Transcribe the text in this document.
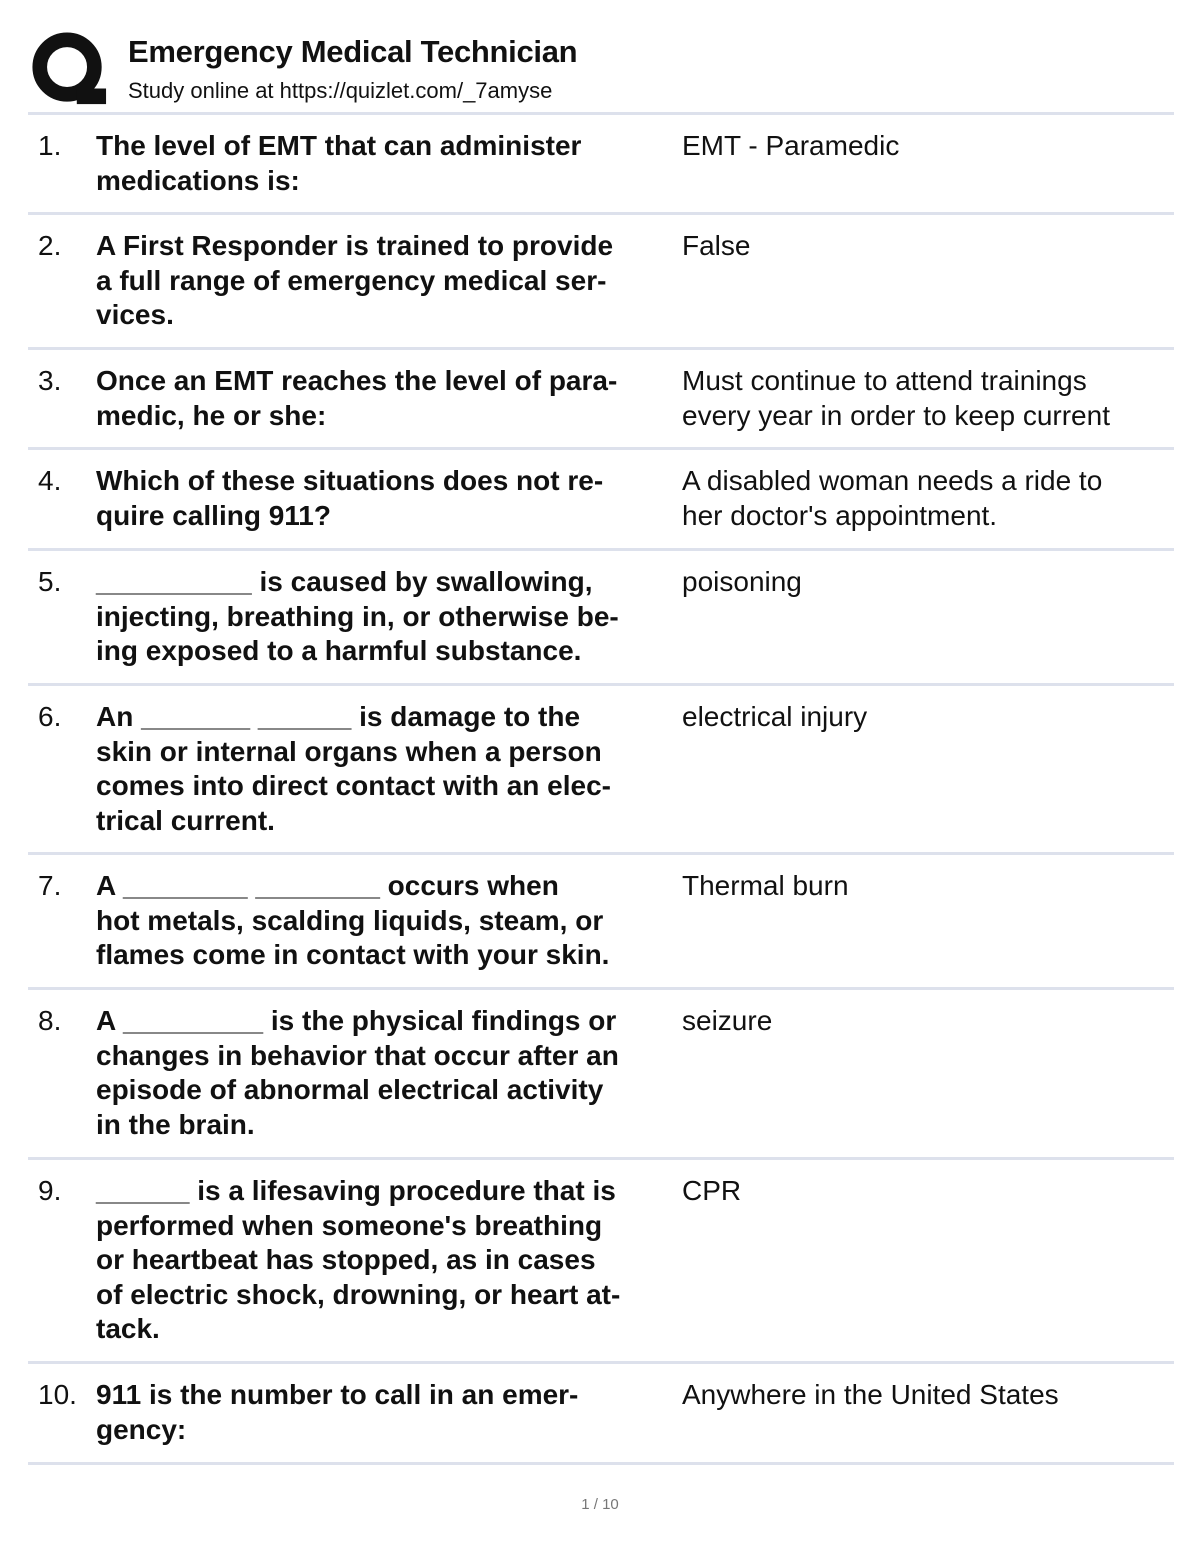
Emergency Medical Technician
Study online at https://quizlet.com/_7amyse
1. The level of EMT that can administer
medications is:
EMT - Paramedic
2. A First Responder is trained to provide
a full range of emergency medical ser-
vices.
False
3. Once an EMT reaches the level of para-
medic, he or she:
Must continue to attend trainings
every year in order to keep current
4. Which of these situations does not re-
quire calling 911?
A disabled woman needs a ride to
her doctor's appointment.
5. __________ is caused by swallowing,
injecting, breathing in, or otherwise be-
ing exposed to a harmful substance.
poisoning
6. An _______ ______ is damage to the
skin or internal organs when a person
comes into direct contact with an elec-
trical current.
electrical injury
7. A ________ ________ occurs when
hot metals, scalding liquids, steam, or
flames come in contact with your skin.
Thermal burn
8. A _________ is the physical findings or
changes in behavior that occur after an
episode of abnormal electrical activity
in the brain.
seizure
9. ______ is a lifesaving procedure that is
performed when someone's breathing
or heartbeat has stopped, as in cases
of electric shock, drowning, or heart at-
tack.
CPR
10. 911 is the number to call in an emer-
gency:
Anywhere in the United States
1 / 10
